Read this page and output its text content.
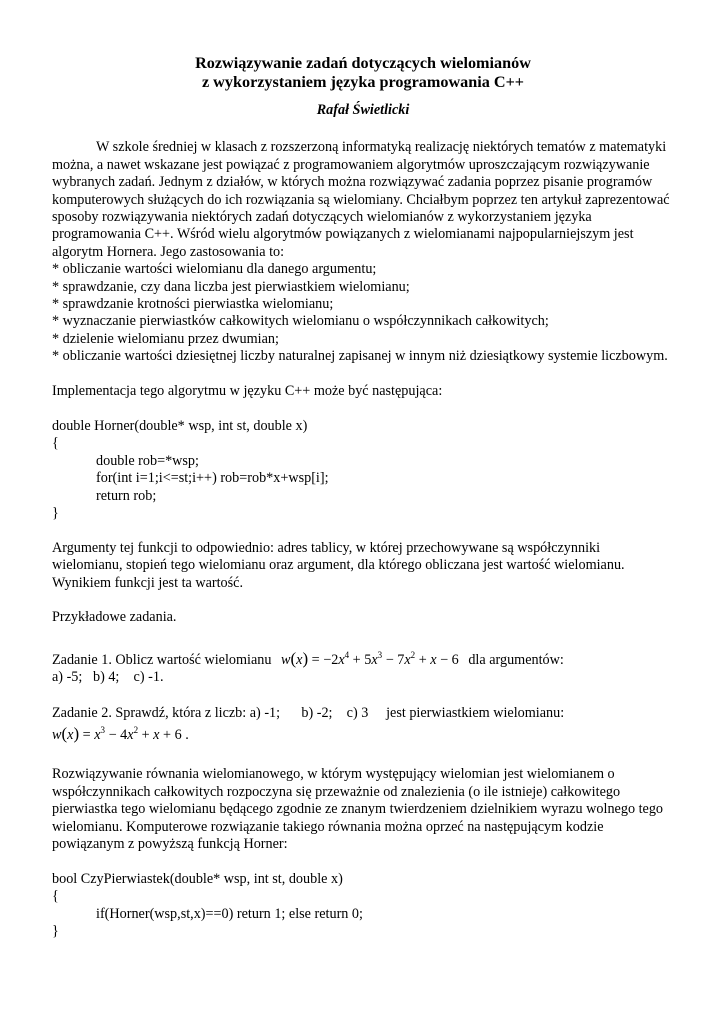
Rozwiązywanie zadań dotyczących wielomianów
z wykorzystaniem języka programowania C++
Rafał Świetlicki

W szkole średniej w klasach z rozszerzoną informatyką realizację niektórych tematów z matematyki można, a nawet wskazane jest powiązać z programowaniem algorytmów uproszczającym rozwiązywanie wybranych zadań. Jednym z działów, w których można rozwiązywać zadania poprzez pisanie programów komputerowych służących do ich rozwiązania są wielomiany. Chciałbym poprzez ten artykuł zaprezentować sposoby rozwiązywania niektórych zadań dotyczących wielomianów z wykorzystaniem języka programowania C++. Wśród wielu algorytmów powiązanych z wielomianami najpopularniejszym jest algorytm Hornera. Jego zastosowania to:

* obliczanie wartości wielomianu dla danego argumentu;
* sprawdzanie, czy dana liczba jest pierwiastkiem wielomianu;
* sprawdzanie krotności pierwiastka wielomianu;
* wyznaczanie pierwiastków całkowitych wielomianu o współczynnikach całkowitych;
* dzielenie wielomianu przez dwumian;
* obliczanie wartości dziesiętnej liczby naturalnej zapisanej w innym niż dziesiątkowy systemie liczbowym.

Implementacja tego algorytmu w języku C++ może być następująca:

double Horner(double* wsp, int st, double x)
{
double rob=*wsp;
for(int i=1;i<=st;i++) rob=rob*x+wsp[i];
return rob;
}

Argumenty tej funkcji to odpowiednio: adres tablicy, w której przechowywane są współczynniki wielomianu, stopień tego wielomianu oraz argument, dla którego obliczana jest wartość wielomianu. Wynikiem funkcji jest ta wartość.

Przykładowe zadania.

Zadanie 1. Oblicz wartość wielomianu $w(x) = -2x^4 + 5x^3 - 7x^2 + x - 6$ dla argumentów:
a) -5;   b) 4;    c) -1.
Zadanie 2. Sprawdź, która z liczb: a) -1;      b) -2;    c) 3     jest pierwiastkiem wielomianu:
$w(x) = x^3 - 4x^2 + x + 6$ .

Rozwiązywanie równania wielomianowego, w którym występujący wielomian jest wielomianem o współczynnikach całkowitych rozpoczyna się przeważnie od znalezienia (o ile istnieje) całkowitego pierwiastka tego wielomianu będącego zgodnie ze znanym twierdzeniem dzielnikiem wyrazu wolnego tego wielomianu. Komputerowe rozwiązanie takiego równania można oprzeć na następującym kodzie powiązanym z powyższą funkcją Horner:

bool CzyPierwiastek(double* wsp, int st, double x)
{
if(Horner(wsp,st,x)==0) return 1; else return 0;
}
